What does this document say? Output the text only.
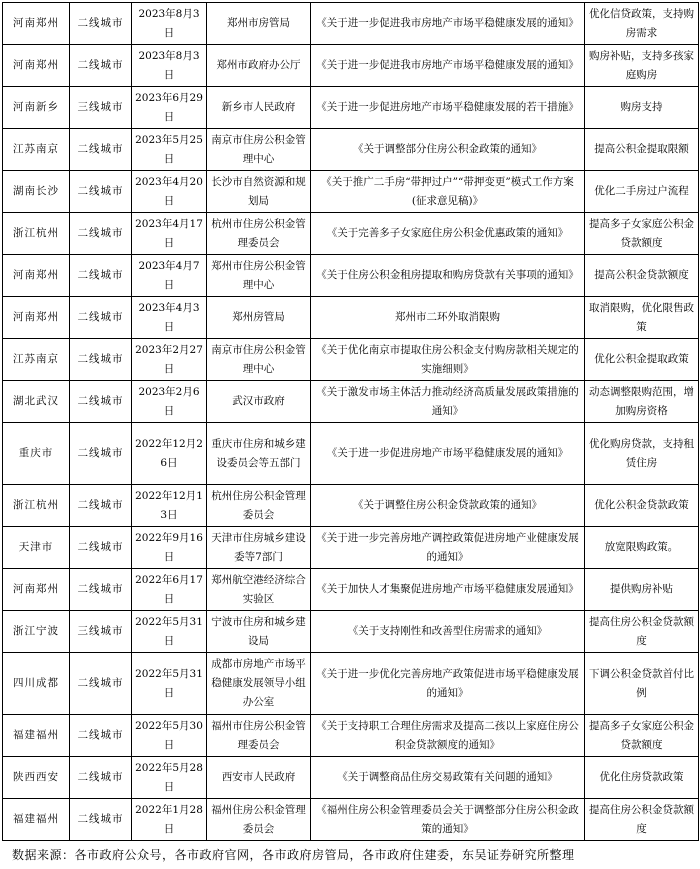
河南郑州	二线城市	2023年8月3日	郑州市房管局	《关于进一步促进我市房地产市场平稳健康发展的通知》	优化信贷政策，支持购房需求
河南郑州	二线城市	2023年8月3日	郑州市政府办公厅	《关于进一步促进我市房地产市场平稳健康发展的通知》	购房补贴，支持多孩家庭购房
河南新乡	三线城市	2023年6月29日	新乡市人民政府	《关于进一步促进房地产市场平稳健康发展的若干措施》	购房支持
江苏南京	二线城市	2023年5月25日	南京市住房公积金管理中心	《关于调整部分住房公积金政策的通知》	提高公积金提取限额
湖南长沙	二线城市	2023年4月20日	长沙市自然资源和规划局	《关于推广二手房“带押过户”“带押变更”模式工作方案(征求意见稿)》	优化二手房过户流程
浙江杭州	二线城市	2023年4月17日	杭州市住房公积金管理委员会	《关于完善多子女家庭住房公积金优惠政策的通知》	提高多子女家庭公积金贷款额度
河南郑州	二线城市	2023年4月7日	郑州市住房公积金管理中心	《关于住房公积金租房提取和购房贷款有关事项的通知》	提高公积金贷款额度
河南郑州	二线城市	2023年4月3日	郑州房管局	郑州市二环外取消限购	取消限购，优化限售政策
江苏南京	二线城市	2023年2月27日	南京市住房公积金管理中心	《关于优化南京市提取住房公积金支付购房款相关规定的实施细则》	优化公积金提取政策
湖北武汉	二线城市	2023年2月6日	武汉市政府	《关于激发市场主体活力推动经济高质量发展政策措施的通知》	动态调整限购范围，增加购房资格
重庆市	二线城市	2022年12月26日	重庆市住房和城乡建设委员会等五部门	《关于进一步促进房地产市场平稳健康发展的通知》	优化购房贷款，支持租赁住房
浙江杭州	二线城市	2022年12月13日	杭州住房公积金管理委员会	《关于调整住房公积金贷款政策的通知》	优化公积金贷款政策
天津市	二线城市	2022年9月16日	天津市住房城乡建设委等7部门	《关于进一步完善房地产调控政策促进房地产业健康发展的通知》	放宽限购政策。
河南郑州	二线城市	2022年6月17日	郑州航空港经济综合实验区	《关于加快人才集聚促进房地产市场平稳健康发展通知》	提供购房补贴
浙江宁波	三线城市	2022年5月31日	宁波市住房和城乡建设局	《关于支持刚性和改善型住房需求的通知》	提高住房公积金贷款额度
四川成都	二线城市	2022年5月31日	成都市房地产市场平稳健康发展领导小组办公室	《关于进一步优化完善房地产政策促进市场平稳健康发展的通知》	下调公积金贷款首付比例
福建福州	二线城市	2022年5月30日	福州市住房公积金管理委员会	《关于支持职工合理住房需求及提高二孩以上家庭住房公积金贷款额度的通知》	提高多子女家庭公积金贷款额度
陕西西安	二线城市	2022年5月28日	西安市人民政府	《关于调整商品住房交易政策有关问题的通知》	优化住房贷款政策
福建福州	二线城市	2022年1月28日	福州住房公积金管理委员会	《福州住房公积金管理委员会关于调整部分住房公积金政策的通知》	提高住房公积金贷款额度
数据来源：各市政府公众号，各市政府官网，各市政府房管局，各市政府住建委，东吴证券研究所整理
